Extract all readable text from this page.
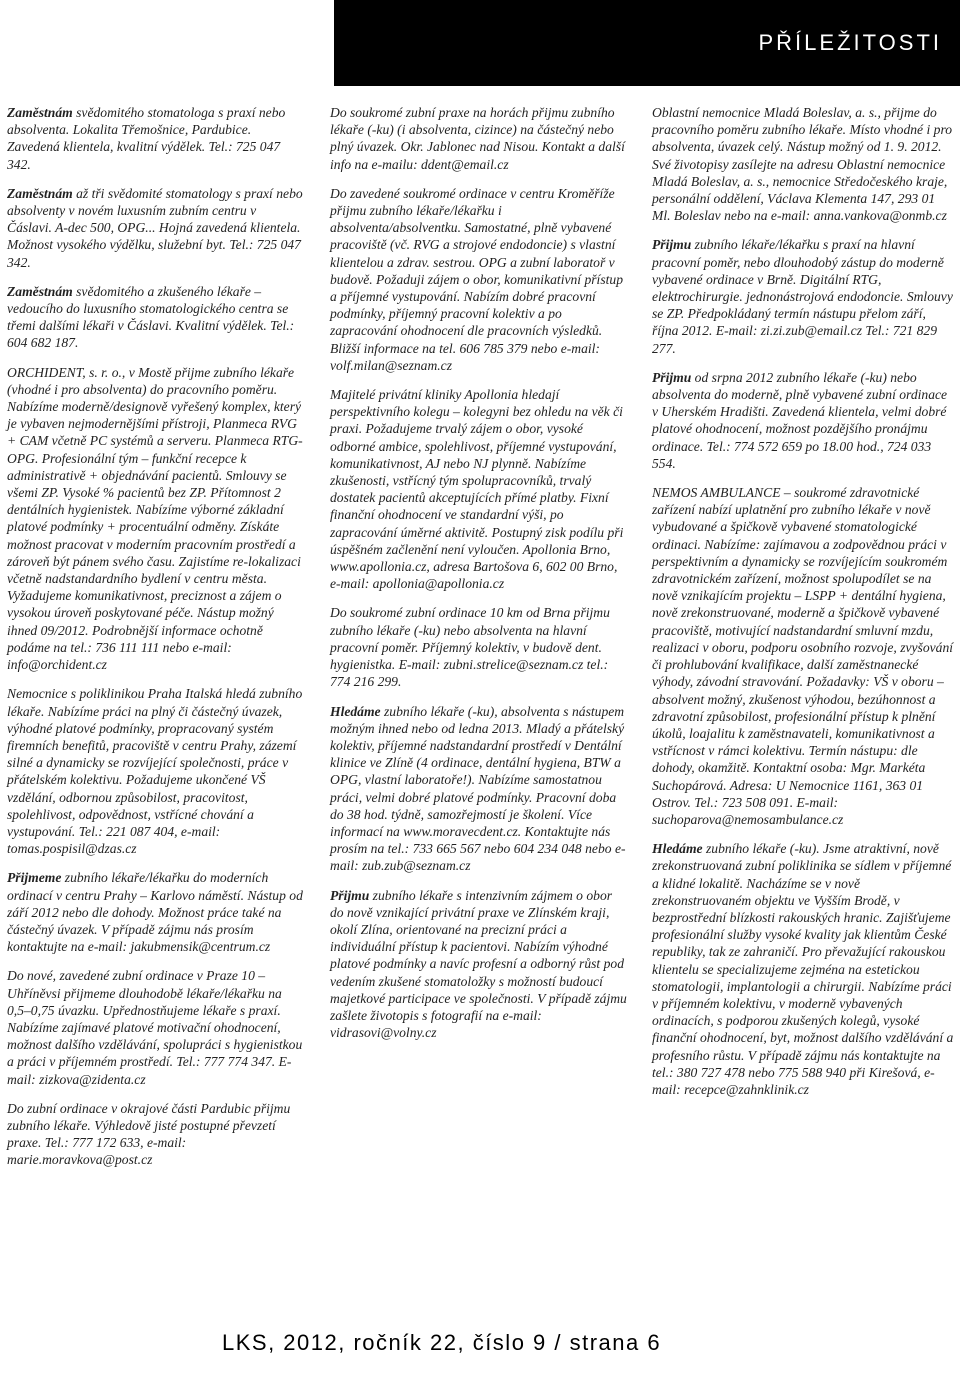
PŘÍLEŽITOSTI

Zaměstnám svědomitého stomatologa s praxí nebo absolventa. Lokalita Třemošnice, Pardubice. Zavedená klientela, kvalitní výdělek. Tel.: 725 047 342.

Zaměstnám až tři svědomité stomatology s praxí nebo absolventy v novém luxusním zubním centru v Čáslavi. A-dec 500, OPG... Hojná zavedená klientela. Možnost vysokého výdělku, služební byt. Tel.: 725 047 342.

Zaměstnám svědomitého a zkušeného lékaře – vedoucího do luxusního stomatologického centra se třemi dalšími lékaři v Čáslavi. Kvalitní výdělek. Tel.: 604 682 187.

ORCHIDENT, s. r. o., v Mostě přijme zubního lékaře (vhodné i pro absolventa) do pracovního poměru. Nabízíme moderně/designově vyřešený komplex, který je vybaven nejmodernějšími přístroji, Planmeca RVG + CAM včetně PC systémů a serveru. Planmeca RTG-OPG. Profesionální tým – funkční recepce k administrativě + objednávání pacientů. Smlouvy se všemi ZP. Vysoké % pacientů bez ZP. Přítomnost 2 dentálních hygienistek. Nabízíme výborné základní platové podmínky + procentuální odměny. Získáte možnost pracovat v moderním pracovním prostředí a zároveň být pánem svého času. Zajistíme re-lokalizaci včetně nadstandardního bydlení v centru města. Vyžadujeme komunikativnost, preciznost a zájem o vysokou úroveň poskytované péče. Nástup možný ihned 09/2012. Podrobnější informace ochotně podáme na tel.: 736 111 111 nebo e-mail: info@orchident.cz

Nemocnice s poliklinikou Praha Italská hledá zubního lékaře. Nabízíme práci na plný či částečný úvazek, výhodné platové podmínky, propracovaný systém firemních benefitů, pracoviště v centru Prahy, zázemí silné a dynamicky se rozvíjející společnosti, práce v přátelském kolektivu. Požadujeme ukončené VŠ vzdělání, odbornou způsobilost, pracovitost, spolehlivost, odpovědnost, vstřícné chování a vystupování. Tel.: 221 087 404, e-mail: tomas.pospisil@dzas.cz

Přijmeme zubního lékaře/lékařku do moderních ordinací v centru Prahy – Karlovo náměstí. Nástup od září 2012 nebo dle dohody. Možnost práce také na částečný úvazek. V případě zájmu nás prosím kontaktujte na e-mail: jakubmensik@centrum.cz

Do nové, zavedené zubní ordinace v Praze 10 – Uhříněvsi přijmeme dlouhodobě lékaře/lékařku na 0,5–0,75 úvazku. Upřednostňujeme lékaře s praxí. Nabízíme zajímavé platové motivační ohodnocení, možnost dalšího vzdělávání, spolupráci s hygienistkou a práci v příjemném prostředí. Tel.: 777 774 347. E-mail: zizkova@zidenta.cz

Do zubní ordinace v okrajové části Pardubic přijmu zubního lékaře. Výhledově jisté postupné převzetí praxe. Tel.: 777 172 633, e-mail: marie.moravkova@post.cz

Do soukromé zubní praxe na horách přijmu zubního lékaře (-ku) (i absolventa, cizince) na částečný nebo plný úvazek. Okr. Jablonec nad Nisou. Kontakt a další info na e-mailu: ddent@email.cz

Do zavedené soukromé ordinace v centru Kroměříže přijmu zubního lékaře/lékařku i absolventa/absolventku. Samostatné, plně vybavené pracoviště (vč. RVG a strojové endodoncie) s vlastní klientelou a zdrav. sestrou. OPG a zubní laboratoř v budově. Požaduji zájem o obor, komunikativní přístup a příjemné vystupování. Nabízím dobré pracovní podmínky, příjemný pracovní kolektiv a po zapracování ohodnocení dle pracovních výsledků. Bližší informace na tel. 606 785 379 nebo e-mail: volf.milan@seznam.cz

Majitelé privátní kliniky Apollonia hledají perspektivního kolegu – kolegyni bez ohledu na věk či praxi. Požadujeme trvalý zájem o obor, vysoké odborné ambice, spolehlivost, příjemné vystupování, komunikativnost, AJ nebo NJ plynně. Nabízíme zkušenosti, vstřícný tým spolupracovníků, trvalý dostatek pacientů akceptujících přímé platby. Fixní finanční ohodnocení ve standardní výši, po zapracování úměrné aktivitě. Postupný zisk podílu při úspěšném začlenění není vyloučen. Apollonia Brno, www.apollonia.cz, adresa Bartošova 6, 602 00 Brno, e-mail: apollonia@apollonia.cz

Do soukromé zubní ordinace 10 km od Brna přijmu zubního lékaře (-ku) nebo absolventa na hlavní pracovní poměr. Příjemný kolektiv, v budově dent. hygienistka. E-mail: zubni.strelice@seznam.cz tel.: 774 216 299.

Hledáme zubního lékaře (-ku), absolventa s nástupem možným ihned nebo od ledna 2013. Mladý a přátelský kolektiv, příjemné nadstandardní prostředí v Dentální klinice ve Zlíně (4 ordinace, dentální hygiena, BTW a OPG, vlastní laboratoře!). Nabízíme samostatnou práci, velmi dobré platové podmínky. Pracovní doba do 38 hod. týdně, samozřejmostí je školení. Více informací na www.moravecdent.cz. Kontaktujte nás prosím na tel.: 733 665 567 nebo 604 234 048 nebo e-mail: zub.zub@seznam.cz

Přijmu zubního lékaře s intenzivním zájmem o obor do nově vznikající privátní praxe ve Zlínském kraji, okolí Zlína, orientované na precizní práci a individuální přístup k pacientovi. Nabízím výhodné platové podmínky a navíc profesní a odborný růst pod vedením zkušené stomatoložky s možností budoucí majetkové participace ve společnosti. V případě zájmu zašlete životopis s fotografií na e-mail: vidrasovi@volny.cz

Oblastní nemocnice Mladá Boleslav, a. s., přijme do pracovního poměru zubního lékaře. Místo vhodné i pro absolventa, úvazek celý. Nástup možný od 1. 9. 2012. Své životopisy zasílejte na adresu Oblastní nemocnice Mladá Boleslav, a. s., nemocnice Středočeského kraje, personální oddělení, Václava Klementa 147, 293 01 Ml. Boleslav nebo na e-mail: anna.vankova@onmb.cz

Přijmu zubního lékaře/lékařku s praxí na hlavní pracovní poměr, nebo dlouhodobý zástup do moderně vybavené ordinace v Brně. Digitální RTG, elektrochirurgie. jednonástrojová endodoncie. Smlouvy se ZP. Předpokládaný termín nástupu přelom září, října 2012. E-mail: zi.zi.zub@email.cz Tel.: 721 829 277.

Přijmu od srpna 2012 zubního lékaře (-ku) nebo absolventa do moderně, plně vybavené zubní ordinace v Uherském Hradišti. Zavedená klientela, velmi dobré platové ohodnocení, možnost pozdějšího pronájmu ordinace. Tel.: 774 572 659 po 18.00 hod., 724 033 554.

NEMOS AMBULANCE – soukromé zdravotnické zařízení nabízí uplatnění pro zubního lékaře v nově vybudované a špičkově vybavené stomatologické ordinaci. Nabízíme: zajímavou a zodpovědnou práci v perspektivním a dynamicky se rozvíjejícím soukromém zdravotnickém zařízení, možnost spolupodílet se na nově vznikajícím projektu – LSPP + dentální hygiena, nově zrekonstruované, moderně a špičkově vybavené pracoviště, motivující nadstandardní smluvní mzdu, realizaci v oboru, podporu osobního rozvoje, zvyšování či prohlubování kvalifikace, další zaměstnanecké výhody, závodní stravování. Požadavky: VŠ v oboru – absolvent možný, zkušenost výhodou, bezúhonnost a zdravotní způsobilost, profesionální přístup k plnění úkolů, loajalitu k zaměstnavateli, komunikativnost a vstřícnost v rámci kolektivu. Termín nástupu: dle dohody, okamžitě. Kontaktní osoba: Mgr. Markéta Suchopárová. Adresa: U Nemocnice 1161, 363 01 Ostrov. Tel.: 723 508 091. E-mail: suchoparova@nemosambulance.cz

Hledáme zubního lékaře (-ku). Jsme atraktivní, nově zrekonstruovaná zubní poliklinika se sídlem v příjemné a klidné lokalitě. Nacházíme se v nově zrekonstruovaném objektu ve Vyšším Brodě, v bezprostřední blízkosti rakouských hranic. Zajišťujeme profesionální služby vysoké kvality jak klientům České republiky, tak ze zahraničí. Pro převažující rakouskou klientelu se specializujeme zejména na estetickou stomatologii, implantologii a chirurgii. Nabízíme práci v příjemném kolektivu, v moderně vybavených ordinacích, s podporou zkušených kolegů, vysoké finanční ohodnocení, byt, možnost dalšího vzdělávání a profesního růstu. V případě zájmu nás kontaktujte na tel.: 380 727 478 nebo 775 588 940 při Kirešová, e-mail: recepce@zahnklinik.cz

LKS, 2012, ročník 22, číslo 9 / strana 6
